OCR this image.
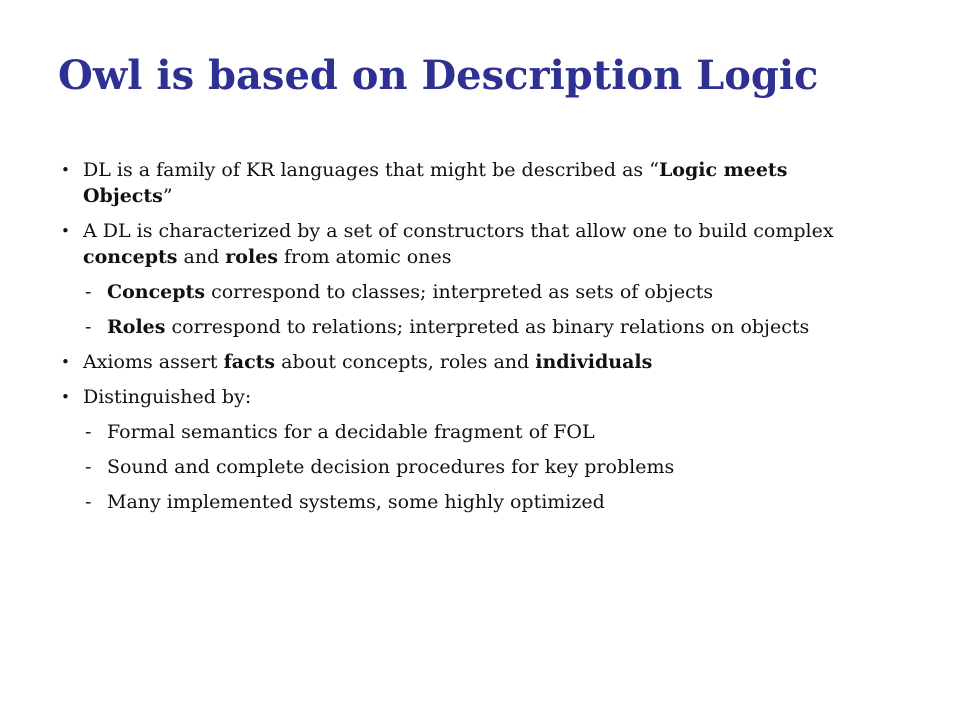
Owl is based on Description Logic
• DL is a family of KR languages that might be described as “Logic meets Objects”
• A DL is characterized by a set of constructors that allow one to build complex concepts and roles from atomic ones
- Concepts correspond to classes; interpreted as sets of objects
- Roles correspond to relations; interpreted as binary relations on objects
• Axioms assert facts about concepts, roles and individuals
• Distinguished by:
- Formal semantics for a decidable fragment of FOL
- Sound and complete decision procedures for key problems
- Many implemented systems, some highly optimized
